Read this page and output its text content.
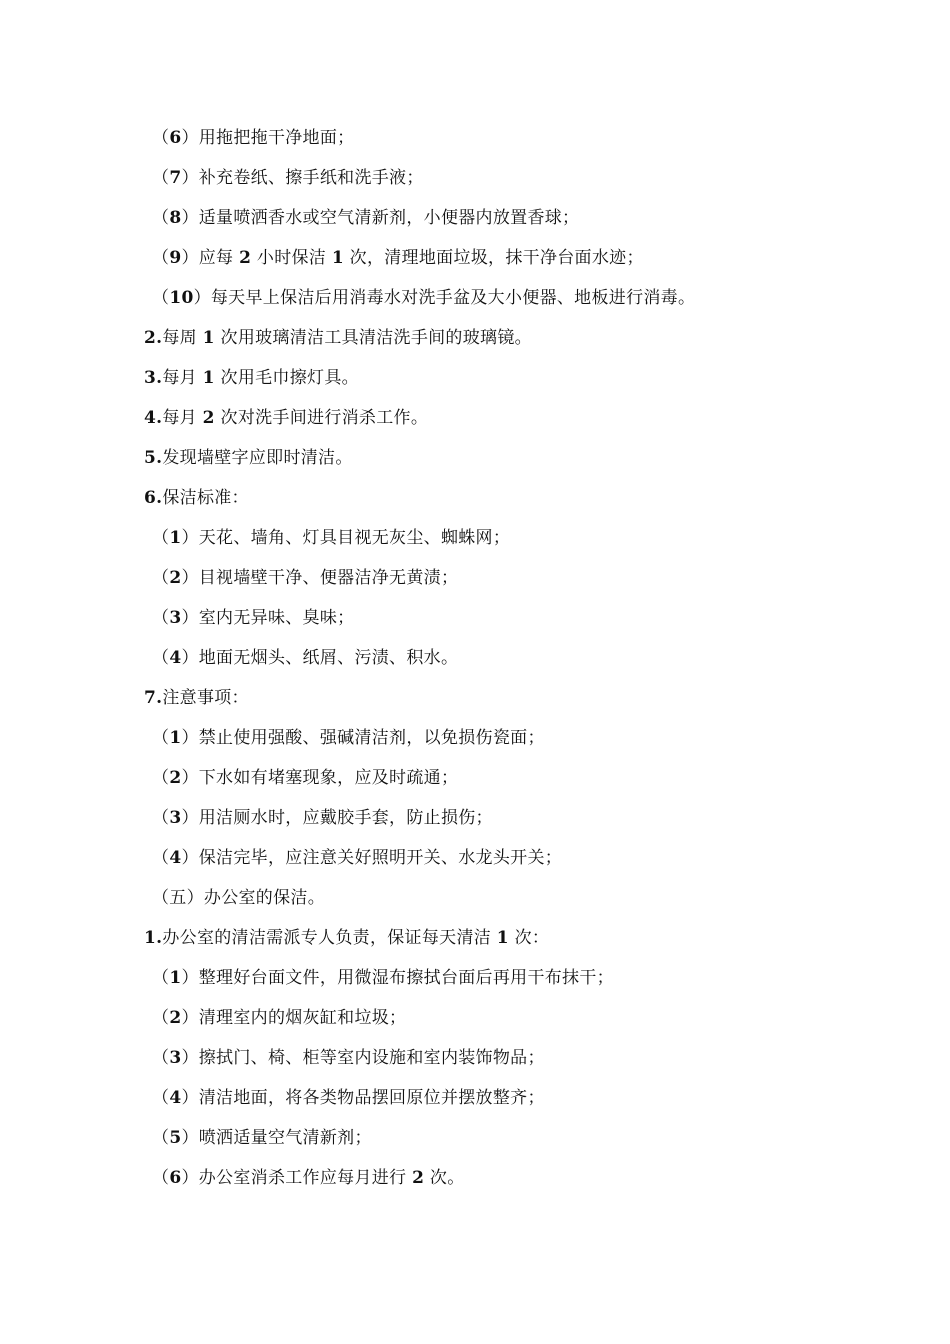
（6）用拖把拖干净地面；
（7）补充卷纸、擦手纸和洗手液；
（8）适量喷洒香水或空气清新剂，小便器内放置香球；
（9）应每 2 小时保洁 1 次，清理地面垃圾，抹干净台面水迹；
（10）每天早上保洁后用消毒水对洗手盆及大小便器、地板进行消毒。
2.每周 1 次用玻璃清洁工具清洁洗手间的玻璃镜。
3.每月 1 次用毛巾擦灯具。
4.每月 2 次对洗手间进行消杀工作。
5.发现墙壁字应即时清洁。
6.保洁标准：
（1）天花、墙角、灯具目视无灰尘、蜘蛛网；
（2）目视墙壁干净、便器洁净无黄渍；
（3）室内无异味、臭味；
（4）地面无烟头、纸屑、污渍、积水。
7.注意事项：
（1）禁止使用强酸、强碱清洁剂，以免损伤瓷面；
（2）下水如有堵塞现象，应及时疏通；
（3）用洁厕水时，应戴胶手套，防止损伤；
（4）保洁完毕，应注意关好照明开关、水龙头开关；
（五）办公室的保洁。
1.办公室的清洁需派专人负责，保证每天清洁 1 次：
（1）整理好台面文件，用微湿布擦拭台面后再用干布抹干；
（2）清理室内的烟灰缸和垃圾；
（3）擦拭门、椅、柜等室内设施和室内装饰物品；
（4）清洁地面，将各类物品摆回原位并摆放整齐；
（5）喷洒适量空气清新剂；
（6）办公室消杀工作应每月进行 2 次。
